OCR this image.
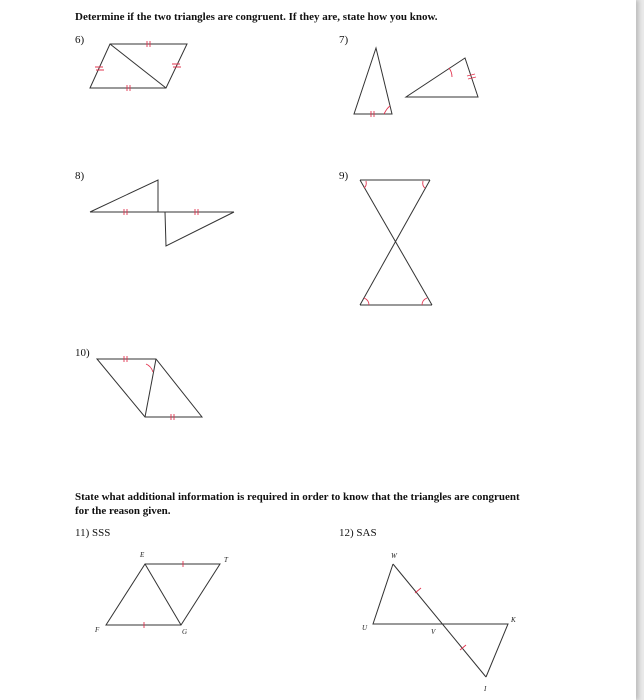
Determine if the two triangles are congruent. If they are, state how you know.

6)	7)
8)	9)
10)

State what additional information is required in order to know that the triangles are congruent

for the reason given.

11) SSS	12) SAS
E
T
F	G
W
K
U	V
I
